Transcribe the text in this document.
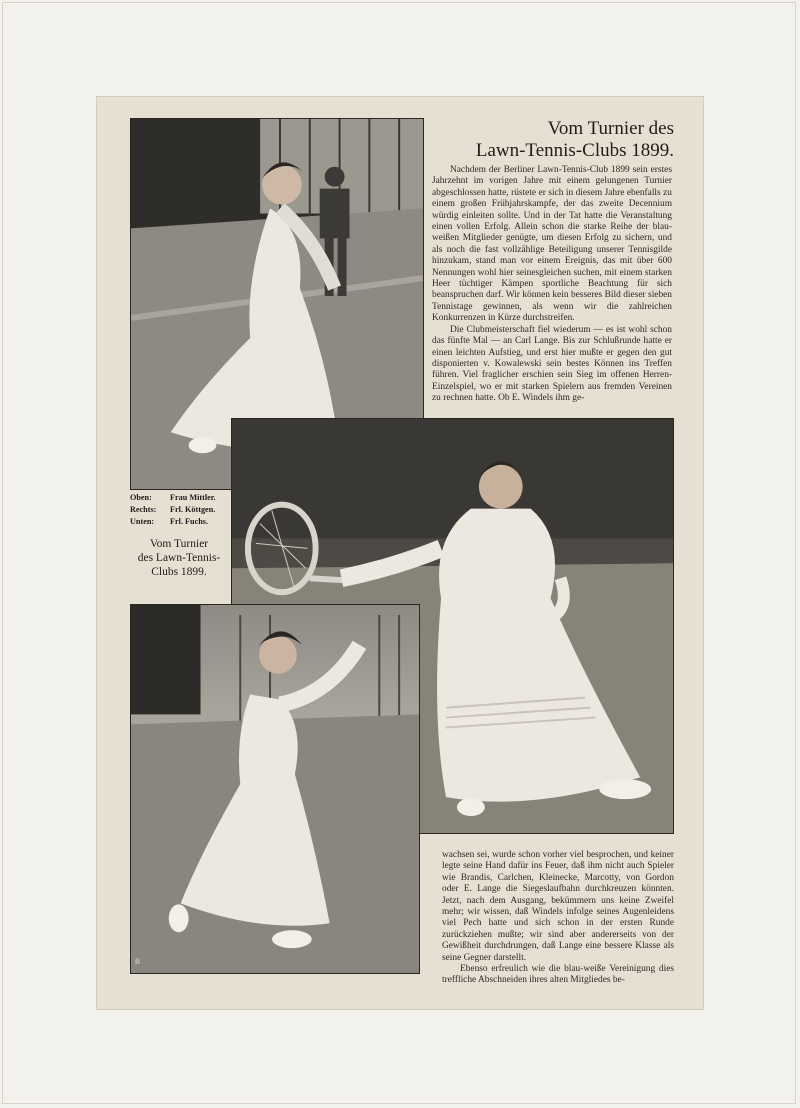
Vom Turnier des
Lawn-Tennis-Clubs 1899.

Nachdem der Berliner Lawn-Tennis-Club 1899 sein erstes Jahrzehnt im vorigen Jahre mit einem gelungenen Turnier abgeschlossen hatte, rüstete er sich in diesem Jahre ebenfalls zu einem großen Frühjahrskampfe, der das zweite Decennium würdig einleiten sollte. Und in der Tat hatte die Veranstaltung einen vollen Erfolg. Allein schon die starke Reihe der blau-weißen Mitglieder genügte, um diesen Erfolg zu sichern, und als noch die fast vollzählige Beteiligung unserer Tennisgilde hinzukam, stand man vor einem Ereignis, das mit über 600 Nennungen wohl hier seinesgleichen suchen, mit einem starken Heer tüchtiger Kämpen sportliche Beachtung für sich beanspruchen darf. Wir können kein besseres Bild dieser sieben Tennistage gewinnen, als wenn wir die zahlreichen Konkurrenzen in Kürze durchstreifen.

Die Clubmeisterschaft fiel wiederum — es ist wohl schon das fünfte Mal — an Carl Lange. Bis zur Schlußrunde hatte er einen leichten Aufstieg, und erst hier mußte er gegen den gut disponierten v. Kowalewski sein bestes Können ins Treffen führen. Viel fraglicher erschien sein Sieg im offenen Herren-Einzelspiel, wo er mit starken Spielern aus fremden Vereinen zu rechnen hatte. Ob E. Windels ihm ge-

Oben: Frau Mittler.
Rechts: Frl. Köttgen.
Unten: Frl. Fuchs.
Vom Turnier
des Lawn-Tennis-
Clubs 1899.
®

wachsen sei, wurde schon vorher viel besprochen, und keiner legte seine Hand dafür ins Feuer, daß ihm nicht auch Spieler wie Brandis, Carlchen, Kleinecke, Marcotty, von Gordon oder E. Lange die Siegeslaufbahn durchkreuzen könnten. Jetzt, nach dem Ausgang, bekümmern uns keine Zweifel mehr; wir wissen, daß Windels infolge seines Augenleidens viel Pech hatte und sich schon in der ersten Runde zurückziehen mußte; wir sind aber andererseits von der Gewißheit durchdrungen, daß Lange eine bessere Klasse als seine Gegner darstellt.

Ebenso erfreulich wie die blau-weiße Vereinigung dies treffliche Abschneiden ihres alten Mitgliedes be-
